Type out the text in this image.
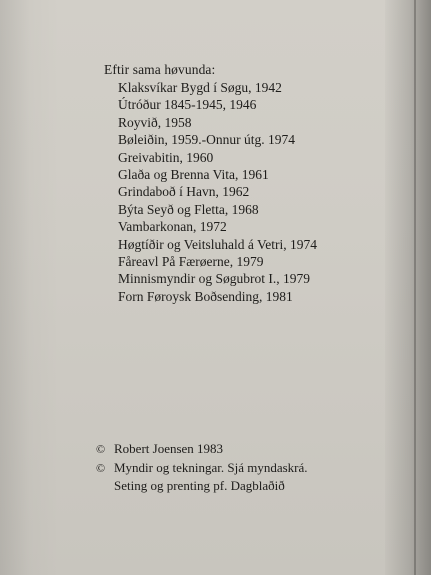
Eftir sama høvunda:
Klaksvíkar Bygd í Søgu, 1942
Útróður 1845-1945, 1946
Royvið, 1958
Bøleiðin, 1959.-Onnur útg. 1974
Greivabitin, 1960
Glaða og Brenna Vita, 1961
Grindaboð í Havn, 1962
Býta Seyð og Fletta, 1968
Vambarkonan, 1972
Høgtíðir og Veitsluhald á Vetri, 1974
Fåreavl På Færøerne, 1979
Minnismyndir og Søgubrot I., 1979
Forn Føroysk Boðsending, 1981
© Robert Joensen 1983
© Myndir og tekningar. Sjá myndaskrá.
Seting og prenting pf. Dagblaðið
